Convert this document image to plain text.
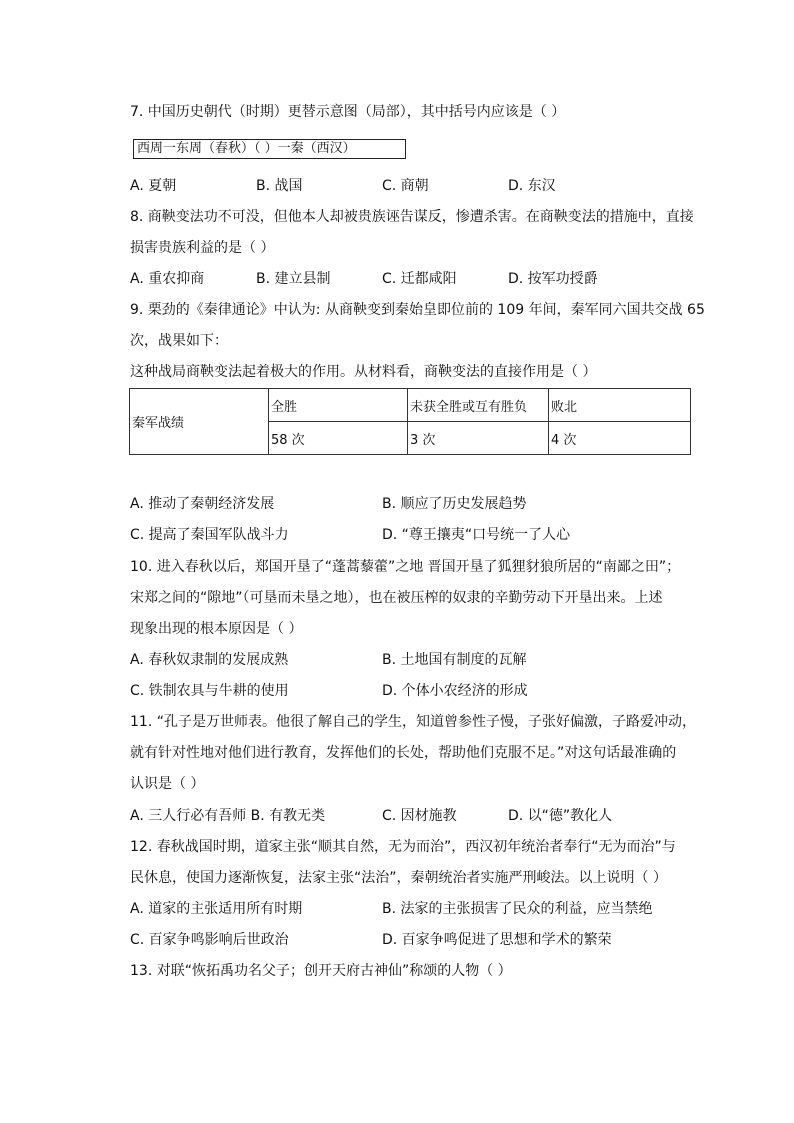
7. 中国历史朝代（时期）更替示意图（局部），其中括号内应该是（ ）
西周一东周（春秋）（ ）一秦（西汉）
A. 夏朝	B. 战国	C. 商朝	D. 东汉
8. 商鞅变法功不可没，但他本人却被贵族诬告谋反，惨遭杀害。在商鞅变法的措施中，直接
损害贵族利益的是（ ）
A. 重农抑商	B. 建立县制	C. 迁都咸阳	D. 按军功授爵
9. 栗劲的《秦律通论》中认为: 从商鞅变到秦始皇即位前的 109 年间，秦军同六国共交战 65
次，战果如下：
这种战局商鞅变法起着极大的作用。从材料看，商鞅变法的直接作用是（ ）
秦军战绩	全胜	未获全胜或互有胜负	败北
	58 次	3 次	4 次
A. 推动了秦朝经济发展	B. 顺应了历史发展趋势
C. 提高了秦国军队战斗力	D. “尊王攘夷“口号统一了人心
10. 进入春秋以后，郑国开垦了“蓬蒿藜藿”之地 晋国开垦了狐狸豺狼所居的“南鄙之田”；
宋郑之间的“隙地”（可垦而未垦之地），也在被压榨的奴隶的辛勤劳动下开垦出来。上述
现象出现的根本原因是（ ）
A. 春秋奴隶制的发展成熟	B. 土地国有制度的瓦解
C. 铁制农具与牛耕的使用	D. 个体小农经济的形成
11. “孔子是万世师表。他很了解自己的学生，知道曾参性子慢，子张好偏激，子路爱冲动，
就有针对性地对他们进行教育，发挥他们的长处，帮助他们克服不足。”对这句话最准确的
认识是（ ）
A. 三人行必有吾师 B. 有教无类	C. 因材施教	D. 以“德”教化人
12. 春秋战国时期，道家主张“顺其自然，无为而治”，西汉初年统治者奉行“无为而治”与
民休息，使国力逐渐恢复，法家主张“法治”，秦朝统治者实施严刑峻法。以上说明（ ）
A. 道家的主张适用所有时期	B. 法家的主张损害了民众的利益，应当禁绝
C. 百家争鸣影响后世政治	D. 百家争鸣促进了思想和学术的繁荣
13. 对联“恢拓禹功名父子；创开天府古神仙”称颂的人物（ ）
